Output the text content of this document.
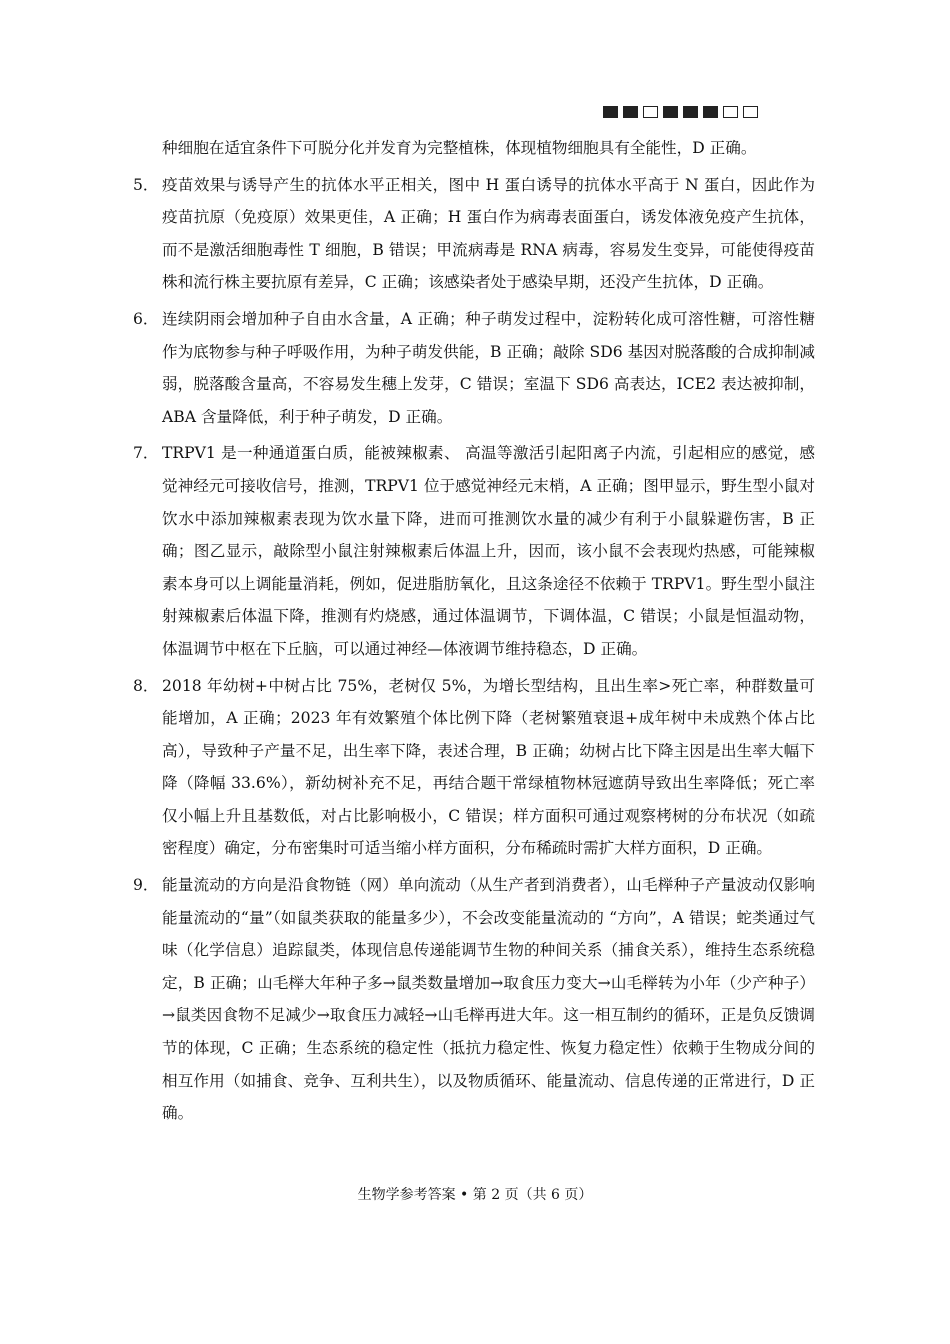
种细胞在适宜条件下可脱分化并发育为完整植株，体现植物细胞具有全能性，D 正确。

5． 疫苗效果与诱导产生的抗体水平正相关，图中 H 蛋白诱导的抗体水平高于 N 蛋白，因此作为疫苗抗原（免疫原）效果更佳，A 正确；H 蛋白作为病毒表面蛋白，诱发体液免疫产生抗体，而不是激活细胞毒性 T 细胞，B 错误；甲流病毒是 RNA 病毒，容易发生变异，可能使得疫苗株和流行株主要抗原有差异，C 正确；该感染者处于感染早期，还没产生抗体，D 正确。

6． 连续阴雨会增加种子自由水含量，A 正确；种子萌发过程中，淀粉转化成可溶性糖，可溶性糖作为底物参与种子呼吸作用，为种子萌发供能，B 正确；敲除 SD6 基因对脱落酸的合成抑制减弱，脱落酸含量高，不容易发生穗上发芽，C 错误；室温下 SD6 高表达，ICE2 表达被抑制，ABA 含量降低，利于种子萌发，D 正确。

7． TRPV1 是一种通道蛋白质，能被辣椒素、 高温等激活引起阳离子内流，引起相应的感觉，感觉神经元可接收信号，推测，TRPV1 位于感觉神经元末梢，A 正确；图甲显示，野生型小鼠对饮水中添加辣椒素表现为饮水量下降，进而可推测饮水量的减少有利于小鼠躲避伤害，B 正确；图乙显示，敲除型小鼠注射辣椒素后体温上升，因而，该小鼠不会表现灼热感，可能辣椒素本身可以上调能量消耗，例如，促进脂肪氧化，且这条途径不依赖于 TRPV1。野生型小鼠注射辣椒素后体温下降，推测有灼烧感，通过体温调节，下调体温，C 错误；小鼠是恒温动物，体温调节中枢在下丘脑，可以通过神经—体液调节维持稳态，D 正确。

8． 2018 年幼树+中树占比 75%，老树仅 5%，为增长型结构，且出生率>死亡率，种群数量可能增加，A 正确；2023 年有效繁殖个体比例下降（老树繁殖衰退+成年树中未成熟个体占比高），导致种子产量不足，出生率下降，表述合理，B 正确；幼树占比下降主因是出生率大幅下降（降幅 33.6%），新幼树补充不足，再结合题干常绿植物林冠遮荫导致出生率降低；死亡率仅小幅上升且基数低，对占比影响极小，C 错误；样方面积可通过观察栲树的分布状况（如疏密程度）确定，分布密集时可适当缩小样方面积，分布稀疏时需扩大样方面积，D 正确。

9． 能量流动的方向是沿食物链（网）单向流动（从生产者到消费者），山毛榉种子产量波动仅影响能量流动的“量”（如鼠类获取的能量多少），不会改变能量流动的 “方向”，A 错误；蛇类通过气味（化学信息）追踪鼠类，体现信息传递能调节生物的种间关系（捕食关系），维持生态系统稳定，B 正确；山毛榉大年种子多→鼠类数量增加→取食压力变大→山毛榉转为小年（少产种子）→鼠类因食物不足减少→取食压力减轻→山毛榉再进大年。这一相互制约的循环，正是负反馈调节的体现，C 正确；生态系统的稳定性（抵抗力稳定性、恢复力稳定性）依赖于生物成分间的相互作用（如捕食、竞争、互利共生），以及物质循环、能量流动、信息传递的正常进行，D 正确。

生物学参考答案 • 第 2 页（共 6 页）
